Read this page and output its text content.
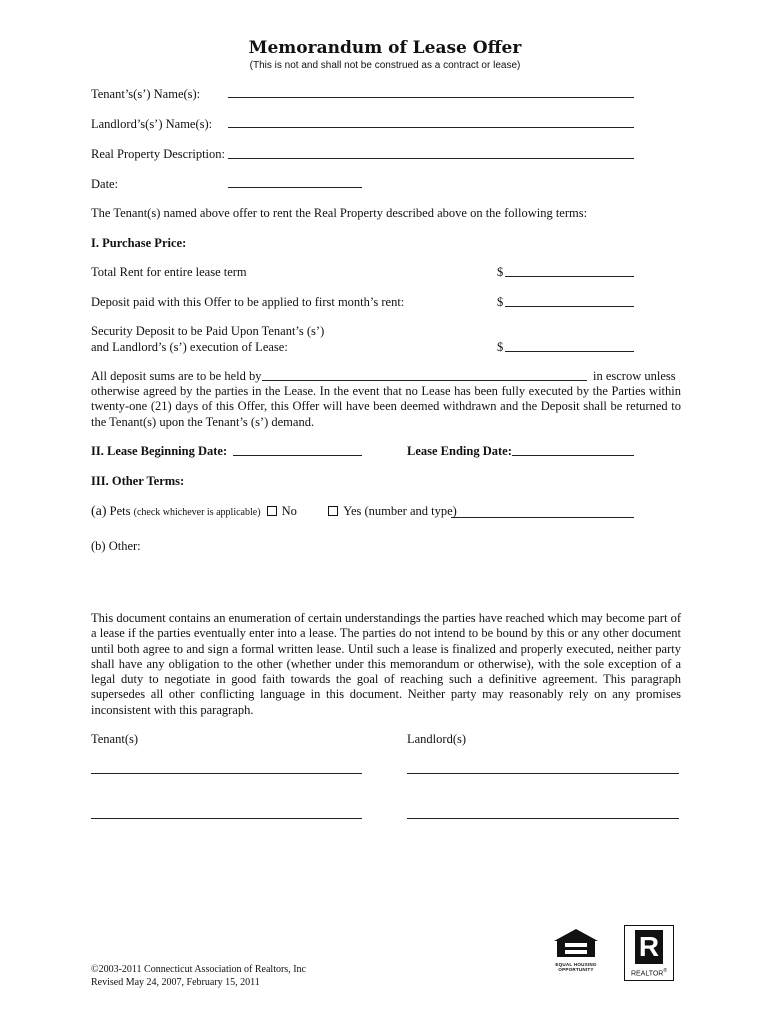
Memorandum of Lease Offer
(This is not and shall not be construed as a contract or lease)
Tenant’s(s’) Name(s):
Landlord’s(s’) Name(s):
Real Property Description:
Date:
The Tenant(s) named above offer to rent the Real Property described above on the following terms:
I. Purchase Price:
Total Rent for entire lease term	$
Deposit paid with this Offer to be applied to first month’s rent:	$
Security Deposit to be Paid Upon Tenant’s (s’)
and Landlord’s (s’) execution of Lease:	$
All deposit sums are to be held by	in escrow unless
otherwise agreed by the parties in the Lease. In the event that no Lease has been fully executed by the Parties within twenty-one (21) days of this Offer, this Offer will have been deemed withdrawn and the Deposit shall be returned to the Tenant(s) upon the Tenant’s (s’) demand.
II. Lease Beginning Date:	Lease Ending Date:
III. Other Terms:
(a) Pets (check whichever is applicable) No	Yes (number and type)
(b) Other:
This document contains an enumeration of certain understandings the parties have reached which may become part of a lease if the parties eventually enter into a lease. The parties do not intend to be bound by this or any other document until both agree to and sign a formal written lease. Until such a lease is finalized and properly executed, neither party shall have any obligation to the other (whether under this memorandum or otherwise), with the sole exception of a legal duty to negotiate in good faith towards the goal of reaching such a definitive agreement. This paragraph supersedes all other conflicting language in this document. Neither party may reasonably rely on any promises inconsistent with this paragraph.
Tenant(s)	Landlord(s)
©2003-2011 Connecticut Association of Realtors, Inc
Revised May 24, 2007, February 15, 2011
EQUAL HOUSING
OPPORTUNITY
R
REALTOR®
